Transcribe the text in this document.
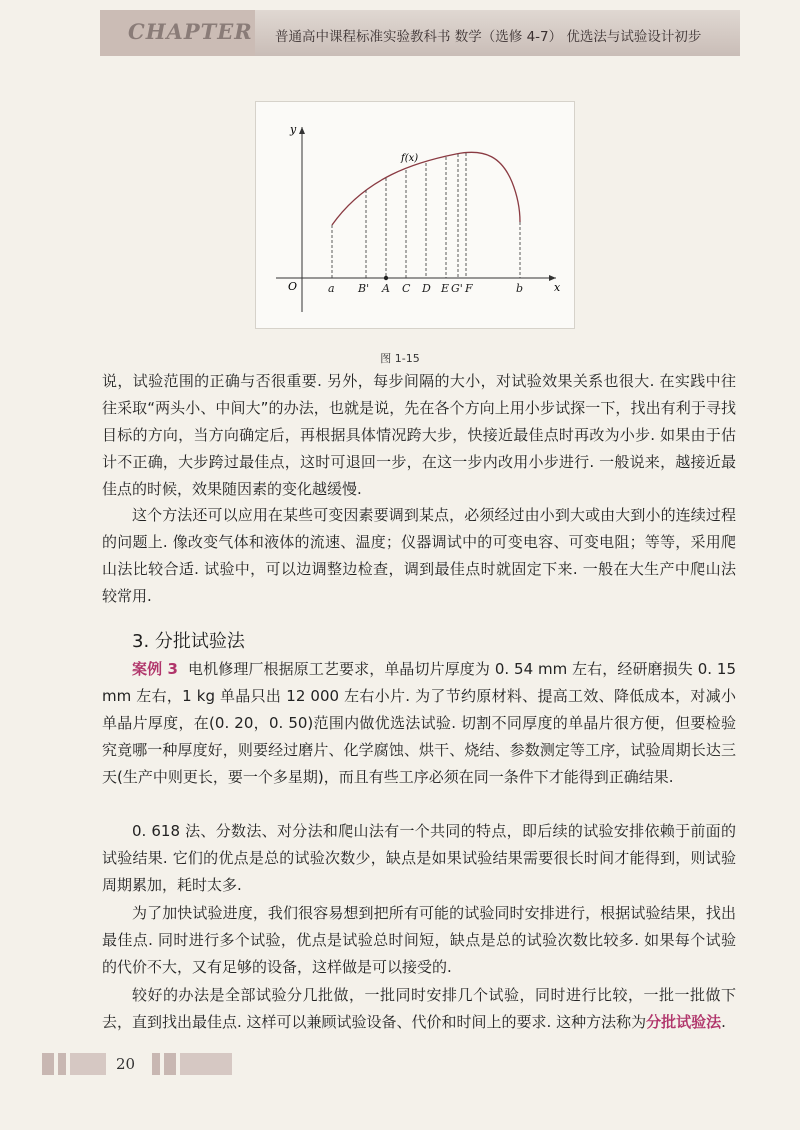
CHAPTER 普通高中课程标准实验教科书 数学（选修 4-7） 优选法与试验设计初步
x
y
O
f(x)
a B' A C D E G' F	b
图 1-15

说，试验范围的正确与否很重要. 另外，每步间隔的大小，对试验效果关系也很大. 在实践中往往采取“两头小、中间大”的办法，也就是说，先在各个方向上用小步试探一下，找出有利于寻找目标的方向，当方向确定后，再根据具体情况跨大步，快接近最佳点时再改为小步. 如果由于估计不正确，大步跨过最佳点，这时可退回一步，在这一步内改用小步进行. 一般说来，越接近最佳点的时候，效果随因素的变化越缓慢.

这个方法还可以应用在某些可变因素要调到某点，必须经过由小到大或由大到小的连续过程的问题上. 像改变气体和液体的流速、温度；仪器调试中的可变电容、可变电阻；等等，采用爬山法比较合适. 试验中，可以边调整边检查，调到最佳点时就固定下来. 一般在大生产中爬山法较常用.

3. 分批试验法

案例 3 电机修理厂根据原工艺要求，单晶切片厚度为 0. 54 mm 左右，经研磨损失 0. 15 mm 左右，1 kg 单晶只出 12 000 左右小片. 为了节约原材料、提高工效、降低成本，对减小单晶片厚度，在(0. 20，0. 50)范围内做优选法试验. 切割不同厚度的单晶片很方便，但要检验究竟哪一种厚度好，则要经过磨片、化学腐蚀、烘干、烧结、参数测定等工序，试验周期长达三天(生产中则更长，要一个多星期)，而且有些工序必须在同一条件下才能得到正确结果.

0. 618 法、分数法、对分法和爬山法有一个共同的特点，即后续的试验安排依赖于前面的试验结果. 它们的优点是总的试验次数少，缺点是如果试验结果需要很长时间才能得到，则试验周期累加，耗时太多.

为了加快试验进度，我们很容易想到把所有可能的试验同时安排进行，根据试验结果，找出最佳点. 同时进行多个试验，优点是试验总时间短，缺点是总的试验次数比较多. 如果每个试验的代价不大，又有足够的设备，这样做是可以接受的.

较好的办法是全部试验分几批做，一批同时安排几个试验，同时进行比较，一批一批做下去，直到找出最佳点. 这样可以兼顾试验设备、代价和时间上的要求. 这种方法称为分批试验法.

20
